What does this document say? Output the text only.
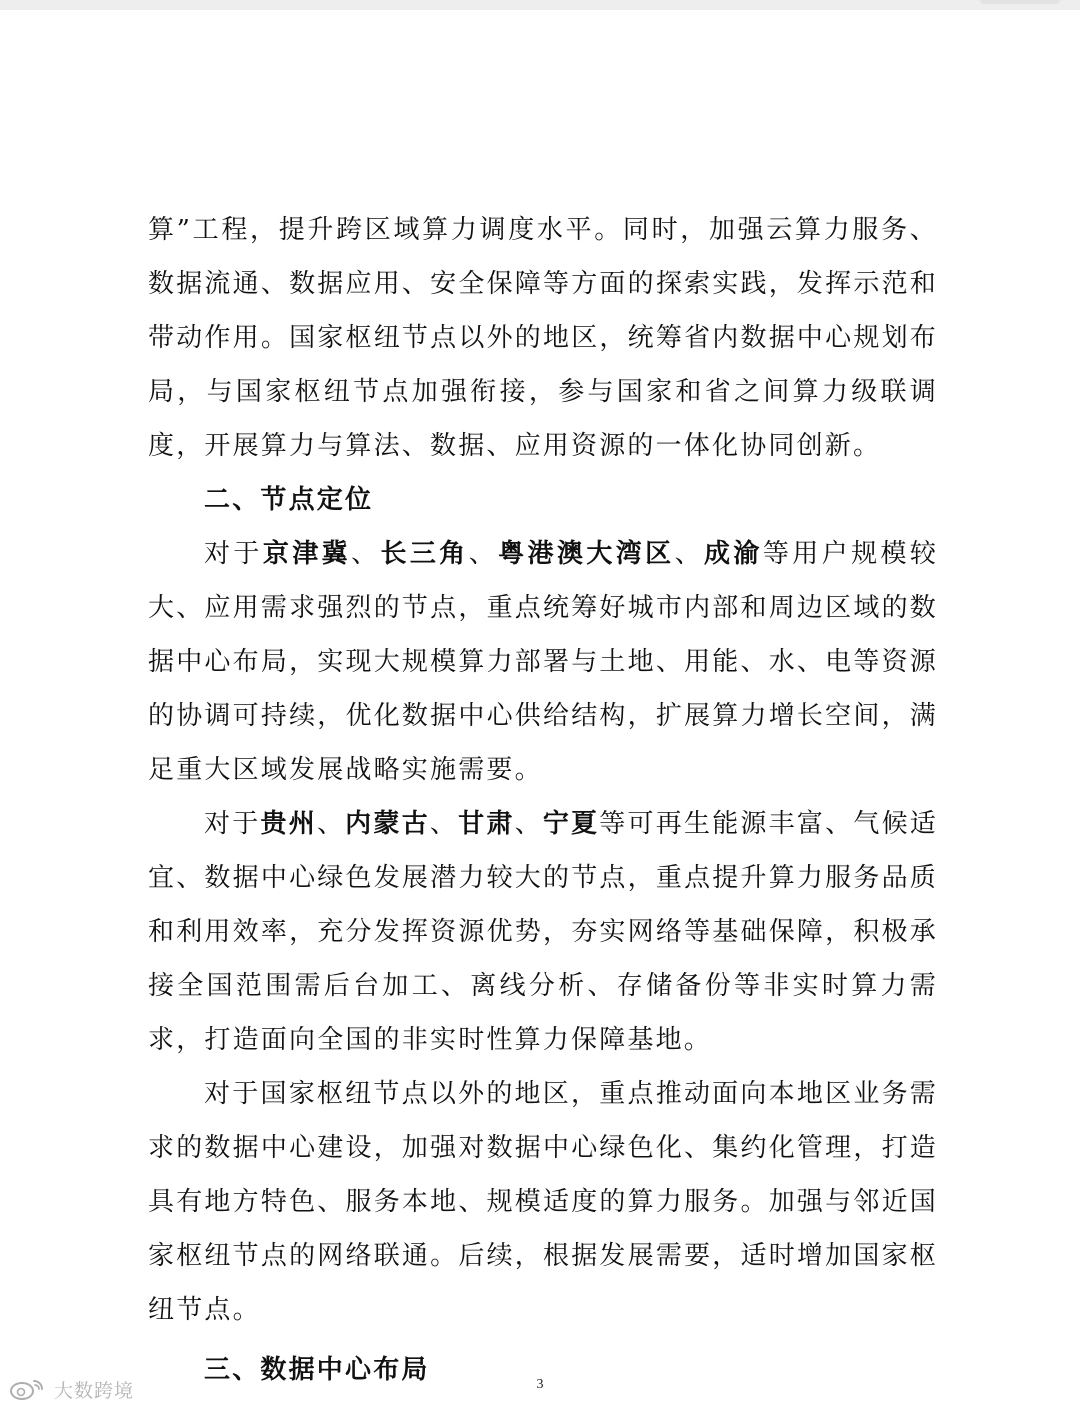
算”工程，提升跨区域算力调度水平。同时，加强云算力服务、数据流通、数据应用、安全保障等方面的探索实践，发挥示范和带动作用。国家枢纽节点以外的地区，统筹省内数据中心规划布局，与国家枢纽节点加强衔接，参与国家和省之间算力级联调度，开展算力与算法、数据、应用资源的一体化协同创新。

二、节点定位

对于京津冀、长三角、粤港澳大湾区、成渝等用户规模较大、应用需求强烈的节点，重点统筹好城市内部和周边区域的数据中心布局，实现大规模算力部署与土地、用能、水、电等资源的协调可持续，优化数据中心供给结构，扩展算力增长空间，满足重大区域发展战略实施需要。

对于贵州、内蒙古、甘肃、宁夏等可再生能源丰富、气候适宜、数据中心绿色发展潜力较大的节点，重点提升算力服务品质和利用效率，充分发挥资源优势，夯实网络等基础保障，积极承接全国范围需后台加工、离线分析、存储备份等非实时算力需求，打造面向全国的非实时性算力保障基地。

对于国家枢纽节点以外的地区，重点推动面向本地区业务需求的数据中心建设，加强对数据中心绿色化、集约化管理，打造具有地方特色、服务本地、规模适度的算力服务。加强与邻近国家枢纽节点的网络联通。后续，根据发展需要，适时增加国家枢纽节点。

三、数据中心布局	3
大数跨境
